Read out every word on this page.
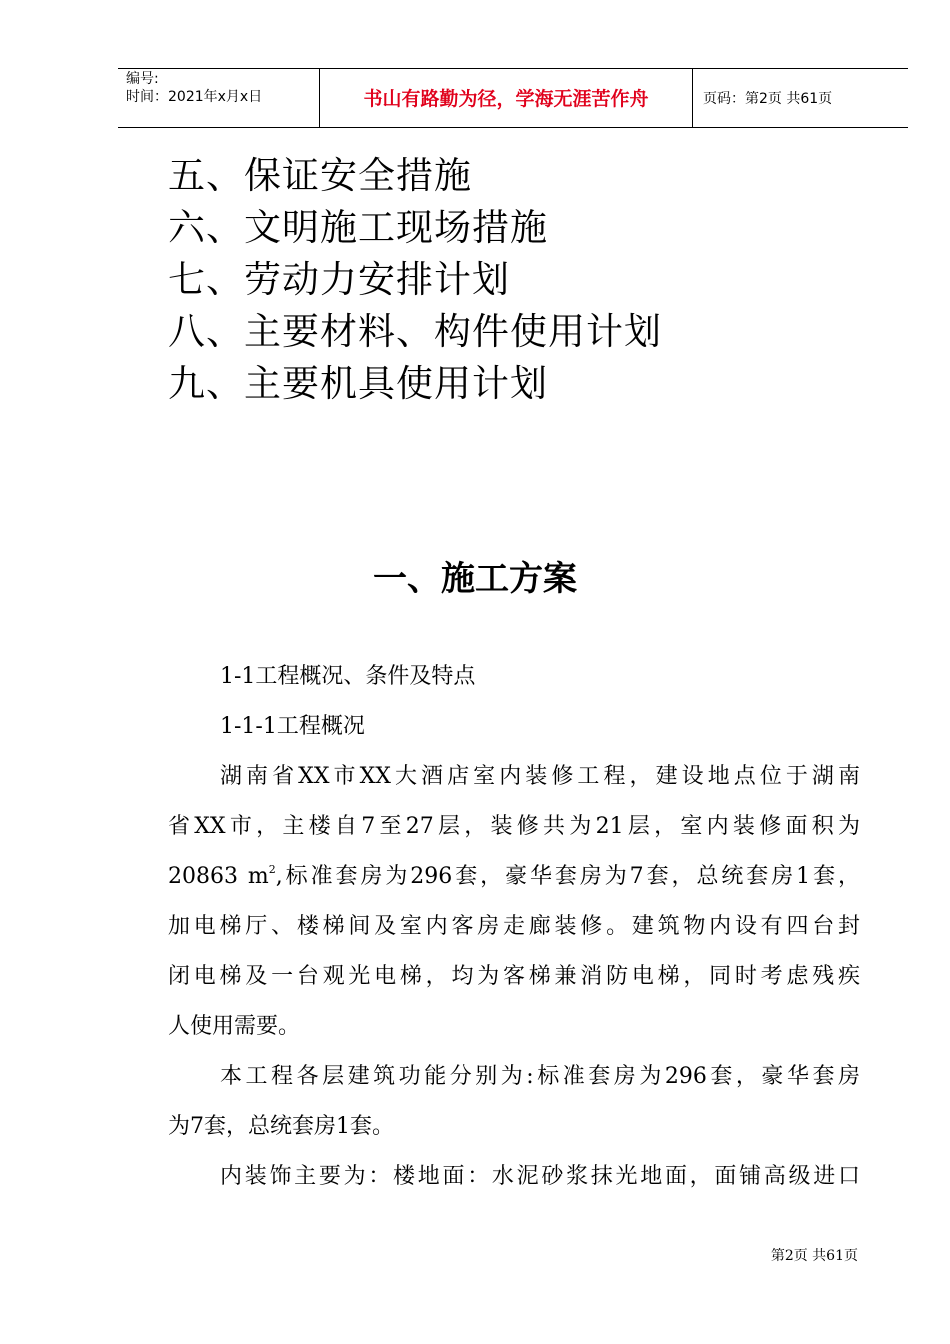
编号:
时间：2021年x月x日	书山有路勤为径，学海无涯苦作舟	页码：第2页 共61页
五、保证安全措施
六、文明施工现场措施
七、劳动力安排计划
八、主要材料、构件使用计划
九、主要机具使用计划
一、施工方案

1-1工程概况、条件及特点

1-1-1工程概况

湖南省XX市XX大酒店室内装修工程，建设地点位于湖南

省XX市，主楼自7至27层，装修共为21层，室内装修面积为

20863 $m^2$,标准套房为296套，豪华套房为7套，总统套房1套，

加电梯厅、楼梯间及室内客房走廊装修。建筑物内设有四台封

闭电梯及一台观光电梯，均为客梯兼消防电梯，同时考虑残疾

人使用需要。

本工程各层建筑功能分别为:标准套房为296套，豪华套房

为7套，总统套房1套。

内装饰主要为：楼地面：水泥砂浆抹光地面，面铺高级进口

第2页 共61页
